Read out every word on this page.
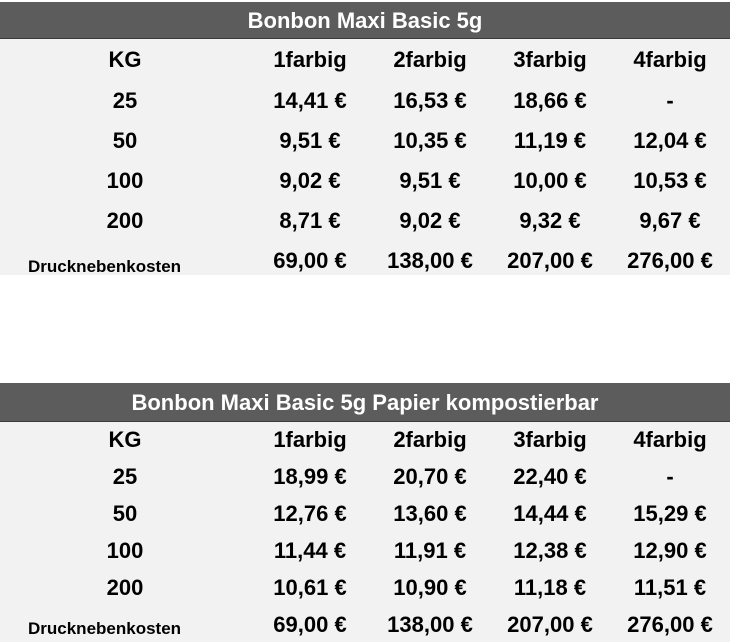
Bonbon Maxi Basic 5g
KG	1farbig	2farbig	3farbig	4farbig
25	14,41 €	16,53 €	18,66 €	-
50	9,51 €	10,35 €	11,19 €	12,04 €
100	9,02 €	9,51 €	10,00 €	10,53 €
200	8,71 €	9,02 €	9,32 €	9,67 €
Drucknebenkosten	69,00 €	138,00 €	207,00 €	276,00 €
Bonbon Maxi Basic 5g Papier kompostierbar
KG	1farbig	2farbig	3farbig	4farbig
25	18,99 €	20,70 €	22,40 €	-
50	12,76 €	13,60 €	14,44 €	15,29 €
100	11,44 €	11,91 €	12,38 €	12,90 €
200	10,61 €	10,90 €	11,18 €	11,51 €
Drucknebenkosten	69,00 €	138,00 €	207,00 €	276,00 €
